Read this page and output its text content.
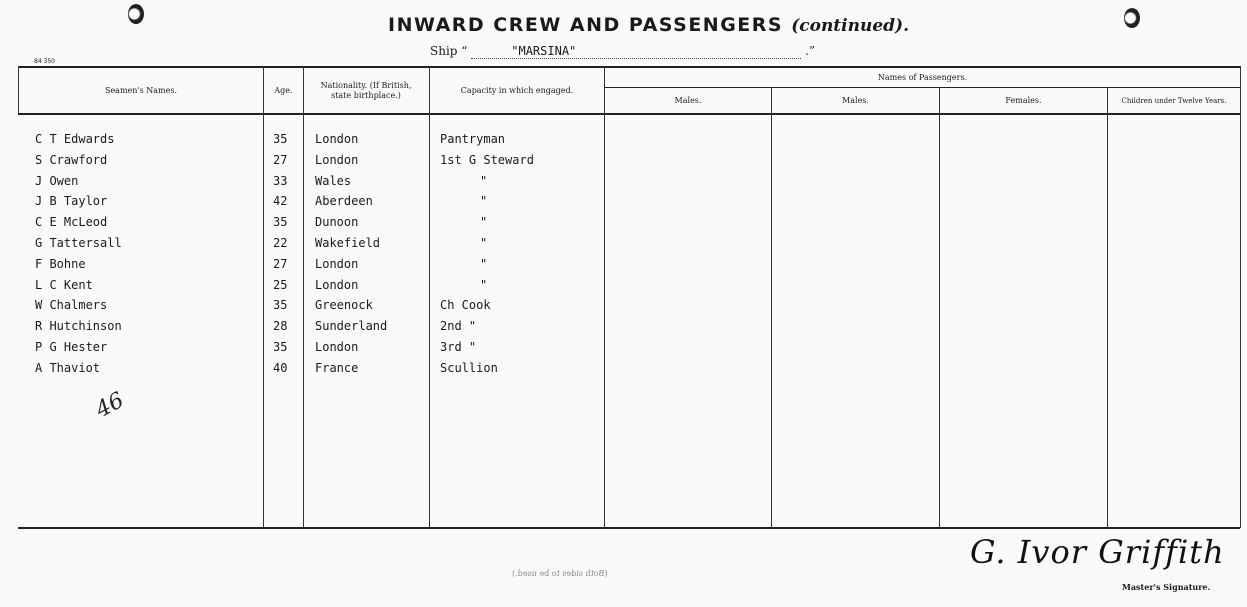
INWARD CREW AND PASSENGERS (continued).
Ship “	"MARSINA"	.”
84 350
Seamen's Names.	Age.
Nationality. (If British, state birthplace.)
Capacity in which engaged.
Names of Passengers.
Males.	Males.	Females.	Children under Twelve Years.
C T Edwards	35 London	Pantryman
S Crawford	27 London	1st G Steward
J Owen	33 Wales	"
J B Taylor	42 Aberdeen	"
C E McLeod	35 Dunoon	"
G Tattersall	22 Wakefield	"
F Bohne	27 London	"
L C Kent	25 London	"
W Chalmers	35 Greenock	Ch Cook
R Hutchinson	28 Sunderland	2nd "
P G Hester	35 London	3rd "
A Thaviot	40 France	Scullion
46
(Both sides to be used.)
G. Ivor Griffith
Master's Signature.
